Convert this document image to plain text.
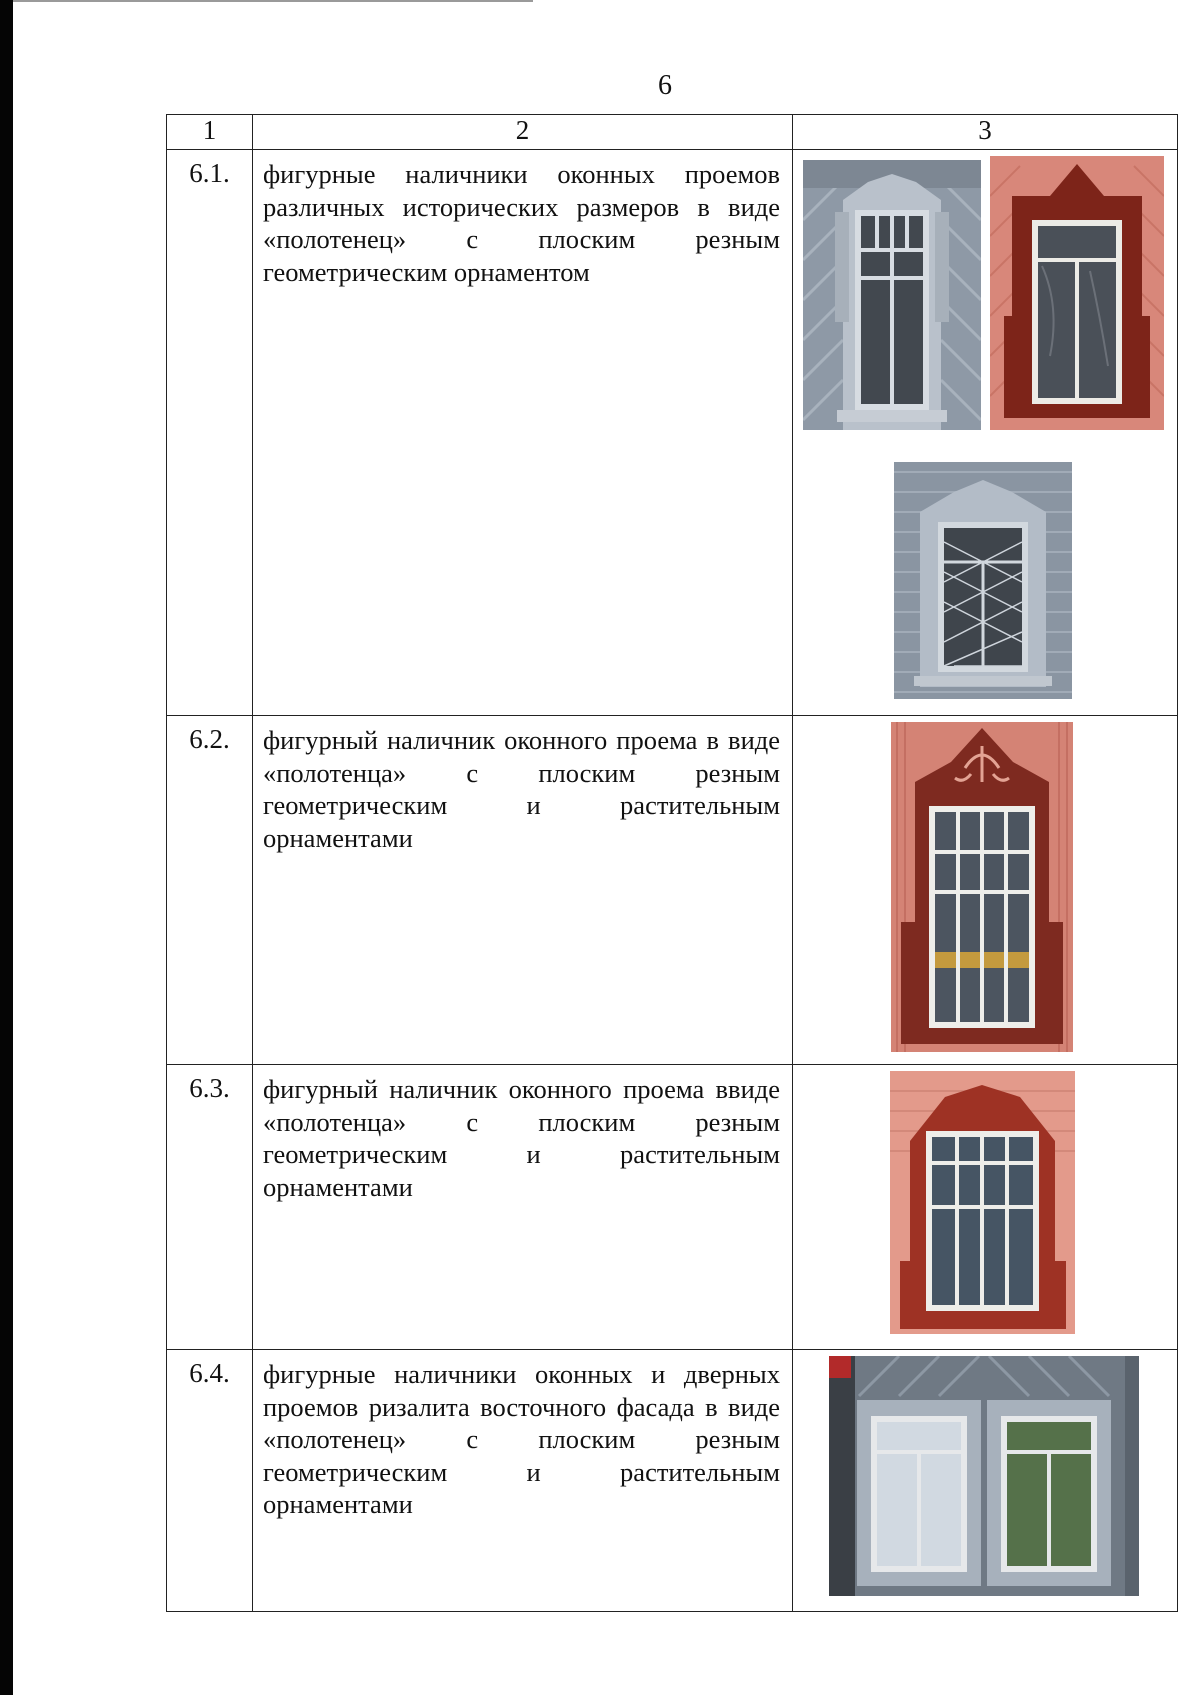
6
1	2	3
6.1.	фигурные наличники оконных проемов различных исторических размеров в виде «полотенец» с плоским резным геометрическим орнаментом	

6.2.	фигурный наличник оконного проема в виде «полотенца» с плоским резным геометрическим и растительным орнаментами	

6.3.	фигурный наличник оконного проема ввиде «полотенца» с плоским резным геометрическим и растительным орнаментами	

6.4.	фигурные наличники оконных и дверных проемов ризалита восточного фасада в виде «полотенец» с плоским резным геометрическим и растительным орнаментами	
